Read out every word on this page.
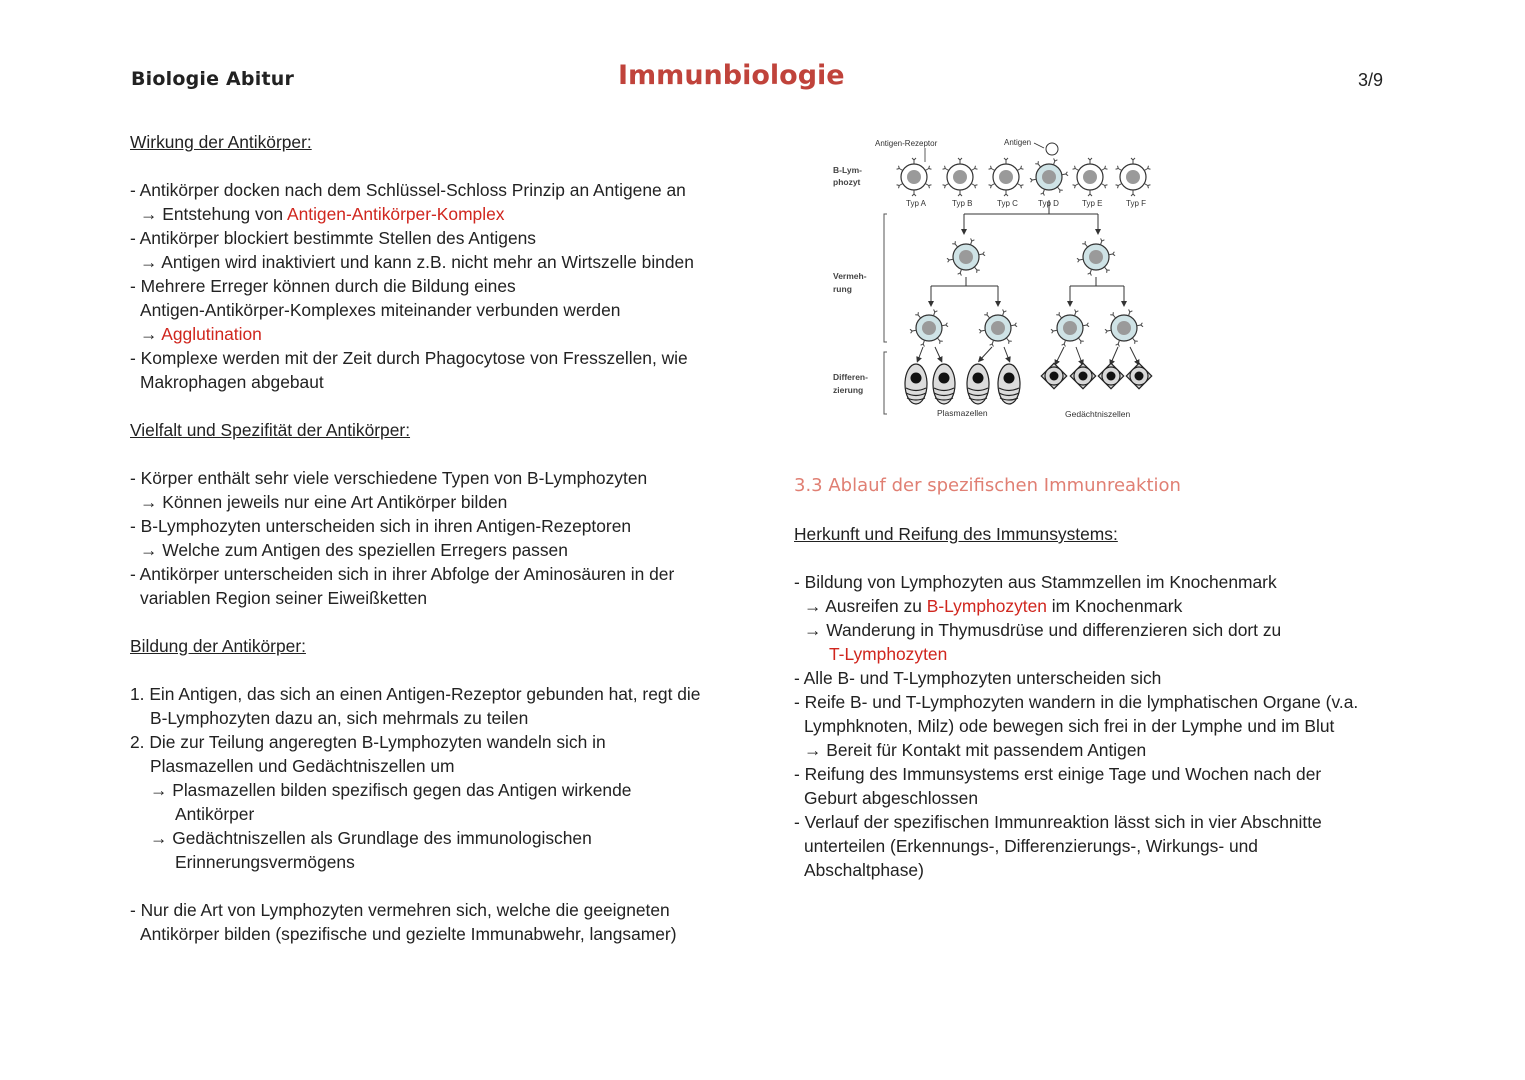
Biologie Abitur	Immunbiologie	3/9

Wirkung der Antikörper:

- Antikörper docken nach dem Schlüssel-Schloss Prinzip an Antigene an

→ Entstehung von Antigen-Antikörper-Komplex

- Antikörper blockiert bestimmte Stellen des Antigens

→ Antigen wird inaktiviert und kann z.B. nicht mehr an Wirtszelle binden

- Mehrere Erreger können durch die Bildung eines

Antigen-Antikörper-Komplexes miteinander verbunden werden

→ Agglutination

- Komplexe werden mit der Zeit durch Phagocytose von Fresszellen, wie

Makrophagen abgebaut

Vielfalt und Spezifität der Antikörper:

- Körper enthält sehr viele verschiedene Typen von B-Lymphozyten

→ Können jeweils nur eine Art Antikörper bilden

- B-Lymphozyten unterscheiden sich in ihren Antigen-Rezeptoren

→ Welche zum Antigen des speziellen Erregers passen

- Antikörper unterscheiden sich in ihrer Abfolge der Aminosäuren in der

variablen Region seiner Eiweißketten

Bildung der Antikörper:

1. Ein Antigen, das sich an einen Antigen-Rezeptor gebunden hat, regt die

B-Lymphozyten dazu an, sich mehrmals zu teilen

2. Die zur Teilung angeregten B-Lymphozyten wandeln sich in

Plasmazellen und Gedächtniszellen um

→ Plasmazellen bilden spezifisch gegen das Antigen wirkende

Antikörper

→ Gedächtniszellen als Grundlage des immunologischen

Erinnerungsvermögens

- Nur die Art von Lymphozyten vermehren sich, welche die geeigneten

Antikörper bilden (spezifische und gezielte Immunabwehr, langsamer)

Antigen-Rezeptor	Antigen
B-Lym-
phozyt
Vermeh-
rung
Differen-
zierung
Typ A	Typ B	Typ C	Typ D	Typ E	Typ F
Plasmazellen	Gedächtniszellen

3.3 Ablauf der spezifischen Immunreaktion

Herkunft und Reifung des Immunsystems:

- Bildung von Lymphozyten aus Stammzellen im Knochenmark

→ Ausreifen zu B-Lymphozyten im Knochenmark

→ Wanderung in Thymusdrüse und differenzieren sich dort zu

T-Lymphozyten

- Alle B- und T-Lymphozyten unterscheiden sich

- Reife B- und T-Lymphozyten wandern in die lymphatischen Organe (v.a.

Lymphknoten, Milz) ode bewegen sich frei in der Lymphe und im Blut

→ Bereit für Kontakt mit passendem Antigen

- Reifung des Immunsystems erst einige Tage und Wochen nach der

Geburt abgeschlossen

- Verlauf der spezifischen Immunreaktion lässt sich in vier Abschnitte

unterteilen (Erkennungs-, Differenzierungs-, Wirkungs- und

Abschaltphase)
